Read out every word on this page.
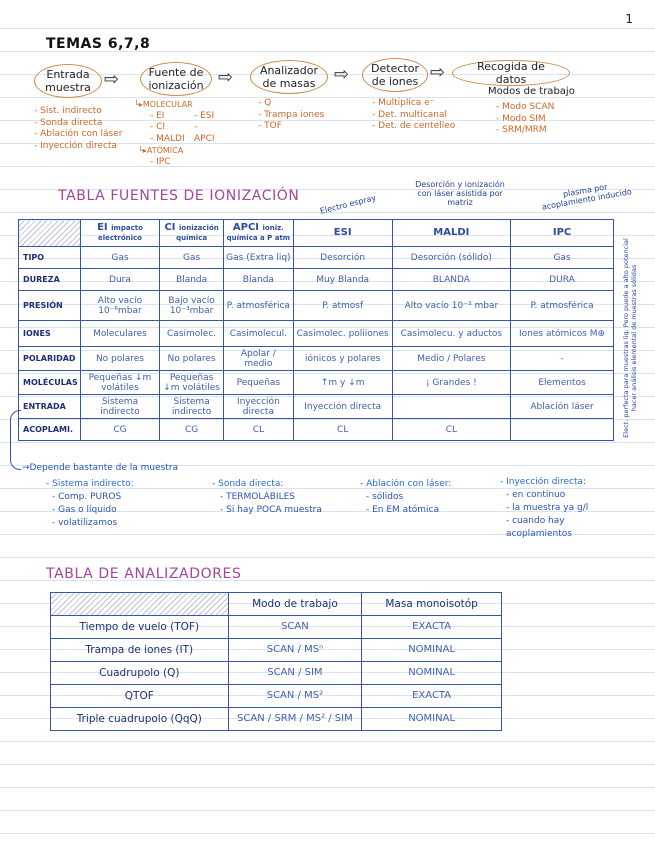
1
TEMAS 6,7,8
Entrada muestra ⇨	Fuente de ionización ⇨	Analizador de masas	⇨	Detector de iones ⇨	Recogida de datos
- Sist. indirecto
- Sonda directa
- Ablación con láser
- Inyección directa
└▸MOLECULAR
- EI
- CI
- MALDI
- ESI
- APCI
└▸ATÓMICA
- IPC
- Q
- Trampa iones
- TOF
- Multiplica e⁻
- Det. multicanal
- Det. de centelleo
Modos de trabajo
- Modo SCAN
- Modo SIM
- SRM/MRM
TABLA FUENTES DE IONIZACIÓN Electro espray
Desorción y ionización con láser asistida por matriz
plasma por acoplamiento inducido
	EI impacto electrónico	CI ionización química	APCI ioniz. química a P atm	ESI	MALDI	IPC
TIPO	Gas	Gas	Gas (Extra liq)	Desorción	Desorción (sólido)	Gas
DUREZA	Dura	Blanda	Blanda	Muy Blanda	BLANDA	DURA
PRESIÓN	Alto vacío 10⁻⁶mbar	Bajo vacío 10⁻³mbar	P. atmosférica	P. atmosf	Alto vacío 10⁻³ mbar	P. atmosférica
IONES	Moleculares	Casimolec.	Casimolecul.	Casimolec. poliiones	Casimolecu. y aductos	Iones atómicos M⊕
POLARIDAD	No polares	No polares	Apolar / medio	iónicos y polares	Medio / Polares	-
MOLÉCULAS	Pequeñas ↓m volátiles	Pequeñas ↓m volátiles	Pequeñas	↑m y ↓m	¡ Grandes !	Elementos
ENTRADA	Sistema indirecto	Sistema indirecto	Inyección directa	Inyección directa		Ablación láser
ACOPLAMI.	CG	CG	CL	CL	CL		Elect. perfecta para muestras liq. Pero puede a alto potencial hacer análisis elemental de muestras sólidas
→Depende bastante de la muestra
- Sistema indirecto:
- Comp. PUROS
- Gas o líquido
- volatilizamos
- Sonda directa:
- TERMOLÁBILES
- Si hay POCA muestra
- Ablación con láser:
- sólidos
- En EM atómica
- Inyección directa:
- en continuo
- la muestra ya g/l
- cuando hay acoplamientos
TABLA DE ANALIZADORES
	Modo de trabajo	Masa monoisotóp
Tiempo de vuelo (TOF)	SCAN	EXACTA
Trampa de iones (IT)	SCAN / MSⁿ	NOMINAL
Cuadrupolo (Q)	SCAN / SIM	NOMINAL
QTOF	SCAN / MS²	EXACTA
Triple cuadrupolo (QqQ)	SCAN / SRM / MS² / SIM	NOMINAL
